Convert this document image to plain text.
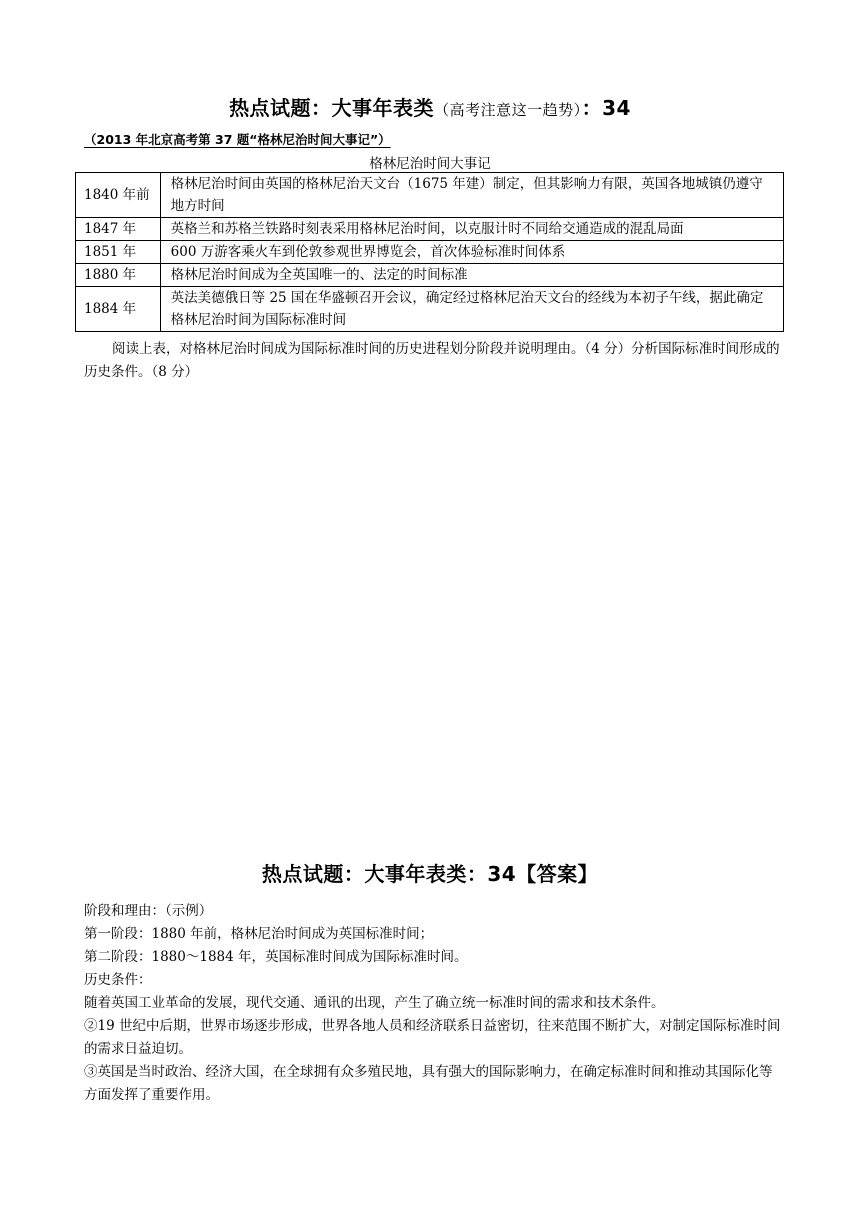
热点试题：大事年表类（高考注意这一趋势）：34
（2013 年北京高考第 37 题“格林尼治时间大事记”）
格林尼治时间大事记
1840 年前	格林尼治时间由英国的格林尼治天文台（1675 年建）制定，但其影响力有限，英国各地城镇仍遵守地方时间
1847 年	英格兰和苏格兰铁路时刻表采用格林尼治时间，以克服计时不同给交通造成的混乱局面
1851 年	600 万游客乘火车到伦敦参观世界博览会，首次体验标准时间体系
1880 年	格林尼治时间成为全英国唯一的、法定的时间标准
1884 年	英法美德俄日等 25 国在华盛顿召开会议，确定经过格林尼治天文台的经线为本初子午线，据此确定格林尼治时间为国际标准时间
阅读上表，对格林尼治时间成为国际标准时间的历史进程划分阶段并说明理由。（4 分）分析国际标准时间形成的历史条件。（8 分）
热点试题：大事年表类：34【答案】
阶段和理由：（示例）
第一阶段：1880 年前，格林尼治时间成为英国标准时间；
第二阶段：1880～1884 年，英国标准时间成为国际标准时间。
历史条件：
随着英国工业革命的发展，现代交通、通讯的出现，产生了确立统一标准时间的需求和技术条件。
②19 世纪中后期，世界市场逐步形成，世界各地人员和经济联系日益密切，往来范围不断扩大，对制定国际标准时间的需求日益迫切。
③英国是当时政治、经济大国，在全球拥有众多殖民地，具有强大的国际影响力，在确定标准时间和推动其国际化等方面发挥了重要作用。
